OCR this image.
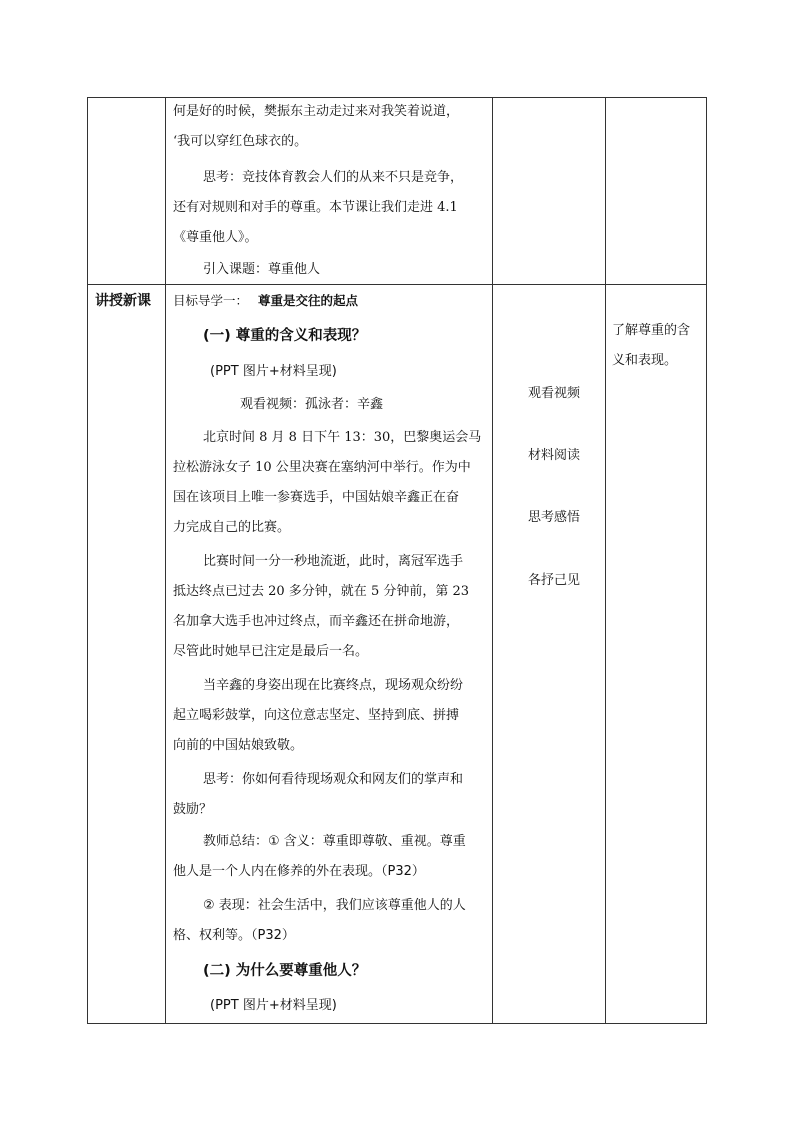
何是好的时候，樊振东主动走过来对我笑着说道，
‘我可以穿红色球衣的。
思考：竞技体育教会人们的从来不只是竞争，
还有对规则和对手的尊重。本节课让我们走进 4.1
《尊重他人》。
引入课题：尊重他人
讲授新课 目标导学一： 尊重是交往的起点
(一) 尊重的含义和表现？
(PPT 图片+材料呈现)
观看视频：孤泳者：辛鑫
北京时间 8 月 8 日下午 13：30，巴黎奥运会马
拉松游泳女子 10 公里决赛在塞纳河中举行。作为中
国在该项目上唯一参赛选手，中国姑娘辛鑫正在奋
力完成自己的比赛。
比赛时间一分一秒地流逝，此时，离冠军选手
抵达终点已过去 20 多分钟，就在 5 分钟前，第 23
名加拿大选手也冲过终点，而辛鑫还在拼命地游，
尽管此时她早已注定是最后一名。
当辛鑫的身姿出现在比赛终点，现场观众纷纷
起立喝彩鼓掌，向这位意志坚定、坚持到底、拼搏
向前的中国姑娘致敬。
思考：你如何看待现场观众和网友们的掌声和
鼓励？
教师总结：① 含义：尊重即尊敬、重视。尊重
他人是一个人内在修养的外在表现。（P32）
② 表现：社会生活中，我们应该尊重他人的人
格、权利等。（P32）
(二) 为什么要尊重他人？
(PPT 图片+材料呈现)
观看视频
材料阅读
思考感悟
各抒己见
了解尊重的含
义和表现。
